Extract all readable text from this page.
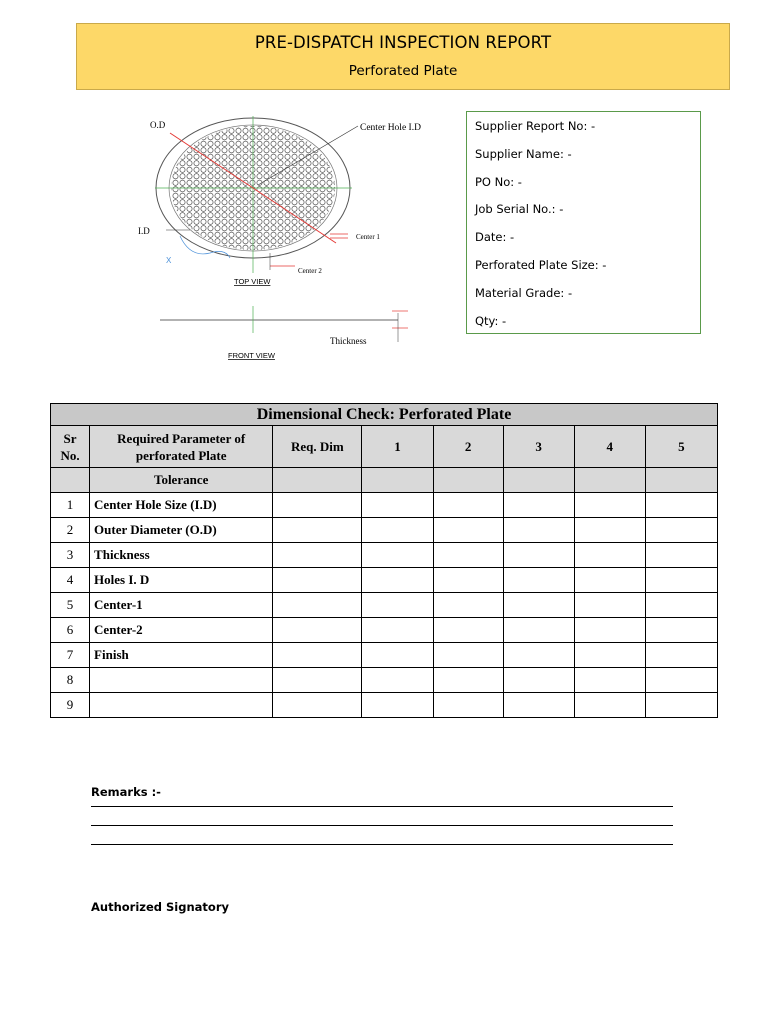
PRE-DISPATCH INSPECTION REPORT
Perforated Plate
O.D	Center Hole I.D
I.D
X
Center 1
Center 2
TOP VIEW
Thickness
FRONT VIEW
Supplier Report No: -
Supplier Name: -
PO No: -
Job Serial No.: -
Date: -
Perforated Plate Size: -
Material Grade: -
Qty: -
Dimensional Check: Perforated Plate							
Sr No.	Required Parameter of perforated Plate	Req. Dim	1	2	3	4	5
	Tolerance						
1	Center Hole Size (I.D)						
2	Outer Diameter (O.D)						
3	Thickness						
4	Holes I. D						
5	Center-1						
6	Center-2						
7	Finish						
8							
9							
Remarks :-
Authorized Signatory
